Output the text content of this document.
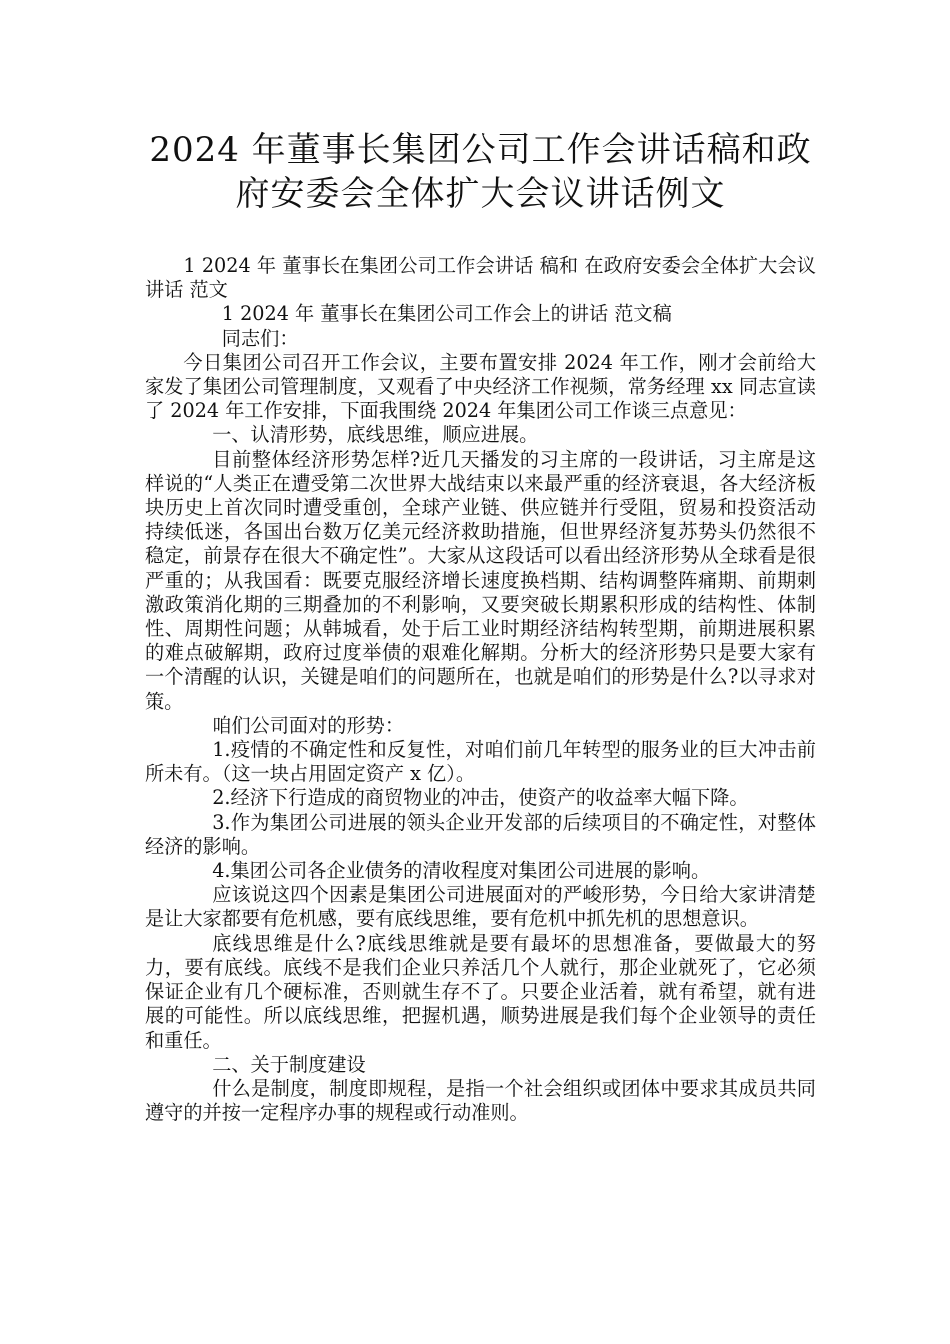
2024 年董事长集团公司工作会讲话稿和政
府安委会全体扩大会议讲话例文

1 2024 年 董事长在集团公司工作会讲话 稿和 在政府安委会全体扩大会议讲话 范文

1 2024 年 董事长在集团公司工作会上的讲话 范文稿

同志们：

今日集团公司召开工作会议，主要布置安排 2024 年工作，刚才会前给大家发了集团公司管理制度，又观看了中央经济工作视频，常务经理 xx 同志宣读了 2024 年工作安排，下面我围绕 2024 年集团公司工作谈三点意见：

一、认清形势，底线思维，顺应进展。

目前整体经济形势怎样?近几天播发的习主席的一段讲话，习主席是这样说的“人类正在遭受第二次世界大战结束以来最严重的经济衰退，各大经济板块历史上首次同时遭受重创，全球产业链、供应链并行受阻，贸易和投资活动持续低迷，各国出台数万亿美元经济救助措施，但世界经济复苏势头仍然很不稳定，前景存在很大不确定性”。大家从这段话可以看出经济形势从全球看是很严重的；从我国看：既要克服经济增长速度换档期、结构调整阵痛期、前期刺激政策消化期的三期叠加的不利影响，又要突破长期累积形成的结构性、体制性、周期性问题；从韩城看，处于后工业时期经济结构转型期，前期进展积累的难点破解期，政府过度举债的艰难化解期。分析大的经济形势只是要大家有一个清醒的认识，关键是咱们的问题所在，也就是咱们的形势是什么?以寻求对策。

咱们公司面对的形势：

1.疫情的不确定性和反复性，对咱们前几年转型的服务业的巨大冲击前所未有。（这一块占用固定资产 x 亿）。

2.经济下行造成的商贸物业的冲击，使资产的收益率大幅下降。

3.作为集团公司进展的领头企业开发部的后续项目的不确定性，对整体经济的影响。

4.集团公司各企业债务的清收程度对集团公司进展的影响。

应该说这四个因素是集团公司进展面对的严峻形势，今日给大家讲清楚是让大家都要有危机感，要有底线思维，要有危机中抓先机的思想意识。

底线思维是什么?底线思维就是要有最坏的思想准备，要做最大的努力，要有底线。底线不是我们企业只养活几个人就行，那企业就死了，它必须保证企业有几个硬标准，否则就生存不了。只要企业活着，就有希望，就有进展的可能性。所以底线思维，把握机遇，顺势进展是我们每个企业领导的责任和重任。

二、关于制度建设

什么是制度，制度即规程，是指一个社会组织或团体中要求其成员共同遵守的并按一定程序办事的规程或行动准则。
